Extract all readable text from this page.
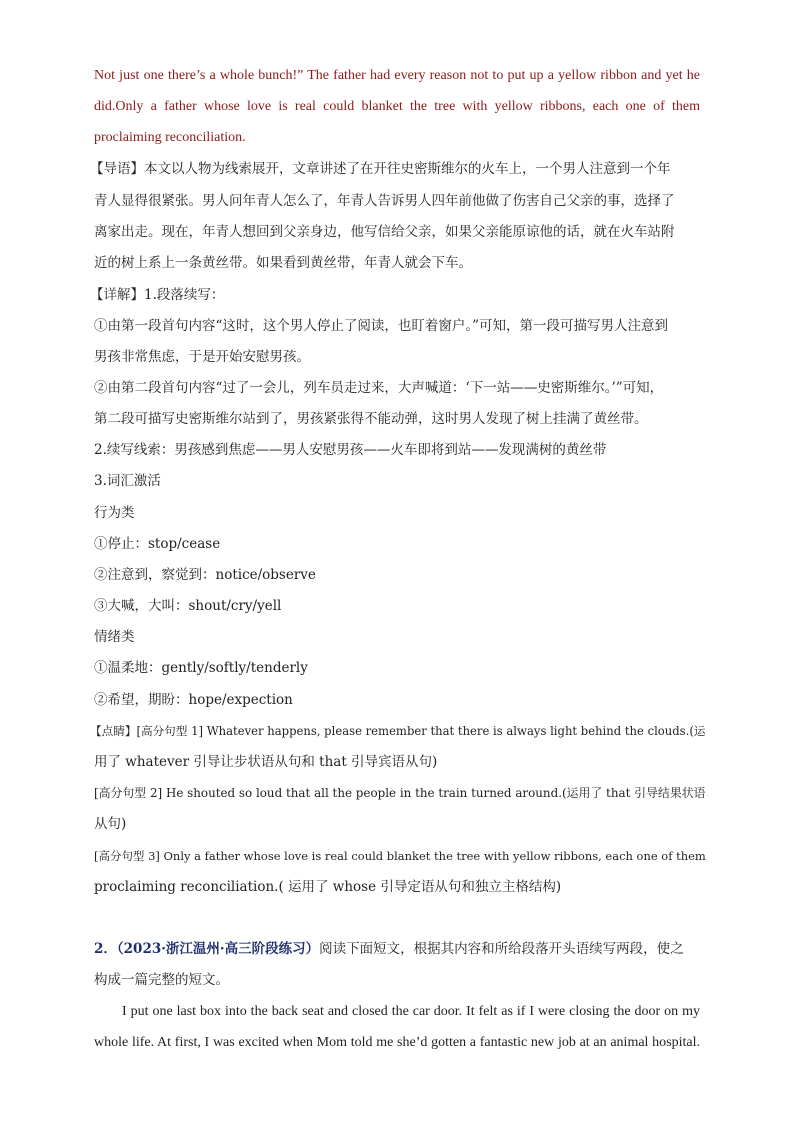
Not just one there’s a whole bunch!” The father had every reason not to put up a yellow ribbon and yet he
did.Only a father whose love is real could blanket the tree with yellow ribbons, each one of them
proclaiming reconciliation.
【导语】本文以人物为线索展开，文章讲述了在开往史密斯维尔的火车上，一个男人注意到一个年
青人显得很紧张。男人问年青人怎么了，年青人告诉男人四年前他做了伤害自己父亲的事，选择了
离家出走。现在，年青人想回到父亲身边，他写信给父亲，如果父亲能原谅他的话，就在火车站附
近的树上系上一条黄丝带。如果看到黄丝带，年青人就会下车。
【详解】1.段落续写：
①由第一段首句内容“这时，这个男人停止了阅读，也盯着窗户。”可知，第一段可描写男人注意到
男孩非常焦虑，于是开始安慰男孩。
②由第二段首句内容“过了一会儿，列车员走过来，大声喊道：‘下一站——史密斯维尔。’”可知，
第二段可描写史密斯维尔站到了，男孩紧张得不能动弹，这时男人发现了树上挂满了黄丝带。
2.续写线索：男孩感到焦虑——男人安慰男孩——火车即将到站——发现满树的黄丝带
3.词汇激活
行为类
①停止：stop/cease
②注意到，察觉到：notice/observe
③大喊，大叫：shout/cry/yell
情绪类
①温柔地：gently/softly/tenderly
②希望，期盼：hope/expection
【点睛】[高分句型 1] Whatever happens, please remember that there is always light behind the clouds.(运
用了 whatever 引导让步状语从句和 that 引导宾语从句)
[高分句型 2] He shouted so loud that all the people in the train turned around.(运用了 that 引导结果状语
从句)
[高分句型 3] Only a father whose love is real could blanket the tree with yellow ribbons, each one of them
proclaiming reconciliation.( 运用了 whose 引导定语从句和独立主格结构)
2．（2023·浙江温州·高三阶段练习）阅读下面短文，根据其内容和所给段落开头语续写两段，使之
构成一篇完整的短文。
I put one last box into the back seat and closed the car door. It felt as if I were closing the door on my
whole life. At first, I was excited when Mom told me she’d gotten a fantastic new job at an animal hospital.
